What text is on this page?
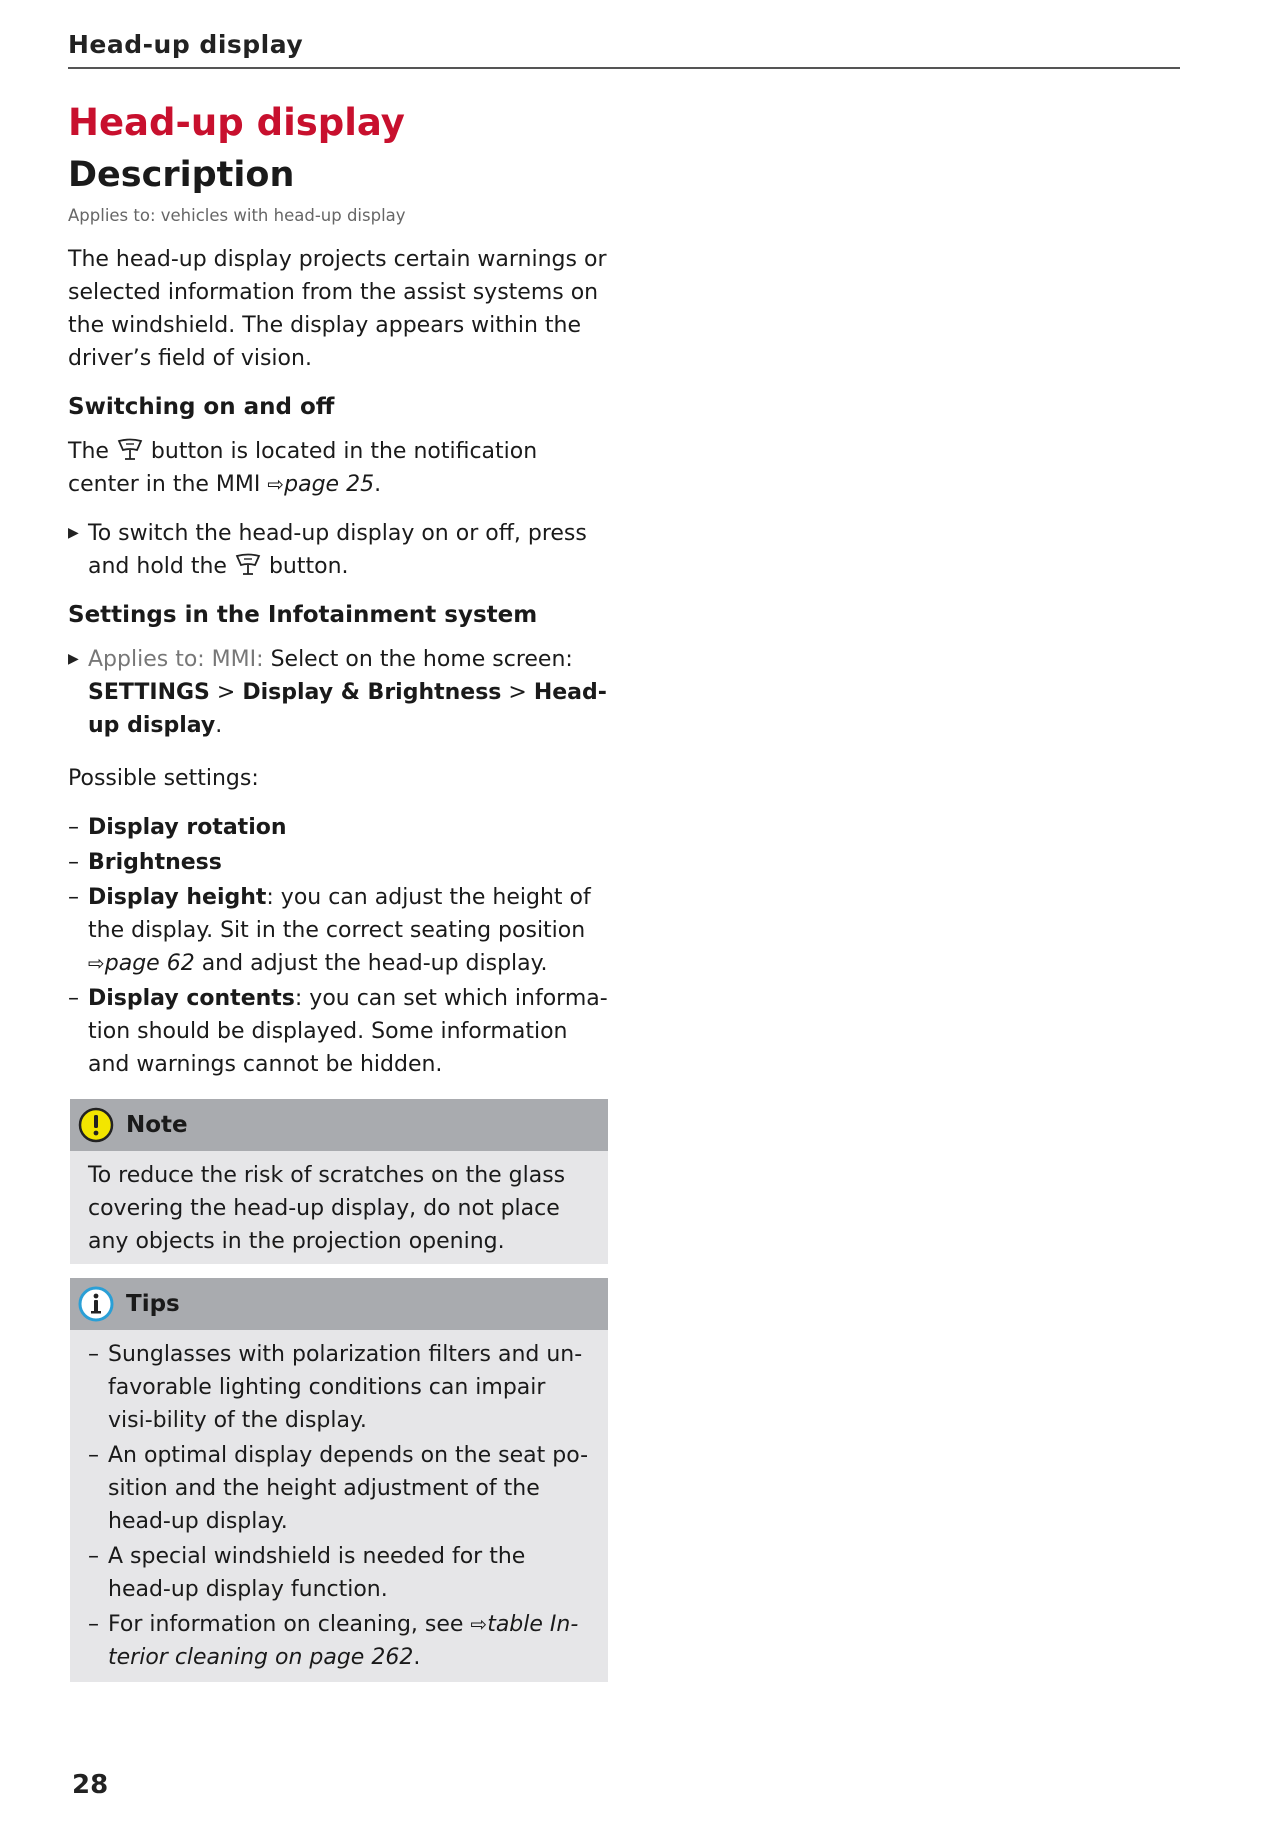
Head-up display
Head-up display
Description
Applies to: vehicles with head-up display

The head-up display projects certain warnings or selected information from the assist systems on the windshield. The display appears within the driver’s field of vision.

Switching on and off

The button is located in the notification center in the MMI ⇨page 25.

▶ To switch the head-up display on or off, press and hold the button.
Settings in the Infotainment system
▶ Applies to: MMI: Select on the home screen: SETTINGS > Display & Brightness > Head-up display.

Possible settings:

– Display rotation
– Brightness
– Display height: you can adjust the height of the display. Sit in the correct seating position ⇨page 62 and adjust the head-up display.
– Display contents: you can set which informa-tion should be displayed. Some information and warnings cannot be hidden.
Note
To reduce the risk of scratches on the glass covering the head-up display, do not place any objects in the projection opening.
Tips
– Sunglasses with polarization filters and un-favorable lighting conditions can impair visi-bility of the display.
– An optimal display depends on the seat po-sition and the height adjustment of the head-up display.
– A special windshield is needed for the head-up display function.
– For information on cleaning, see ⇨table In-terior cleaning on page 262.
28
